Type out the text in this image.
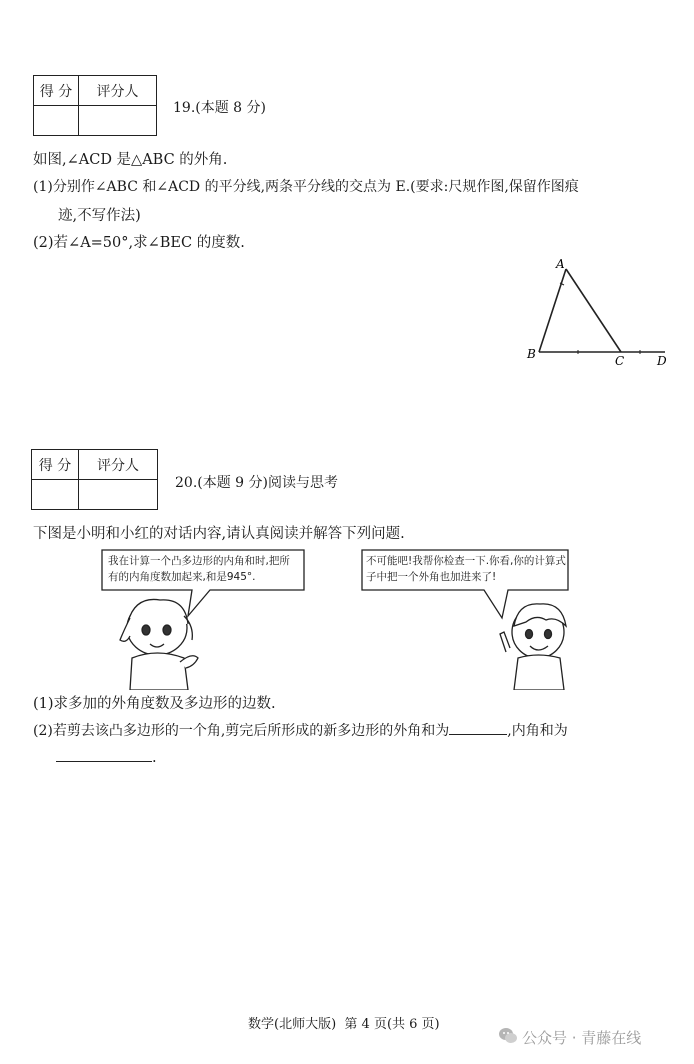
得 分	评分人

19.(本题 8 分)
如图,∠ACD 是△ABC 的外角.
(1)分别作∠ABC 和∠ACD 的平分线,两条平分线的交点为 E.(要求:尺规作图,保留作图痕
迹,不写作法)
(2)若∠A=50°,求∠BEC 的度数.
A
B	C	D
得 分	评分人

20.(本题 9 分)阅读与思考
下图是小明和小红的对话内容,请认真阅读并解答下列问题.
我在计算一个凸多边形的内角和时,把所
有的内角度数加起来,和是945°.
不可能吧!我帮你检查一下.你看,你的计算式
子中把一个外角也加进来了!
(1)求多加的外角度数及多边形的边数.
(2)若剪去该凸多边形的一个角,剪完后所形成的新多边形的外角和为	,内角和为
.
数学(北师大版)  第 4 页(共 6 页)
公众号 · 青藤在线
